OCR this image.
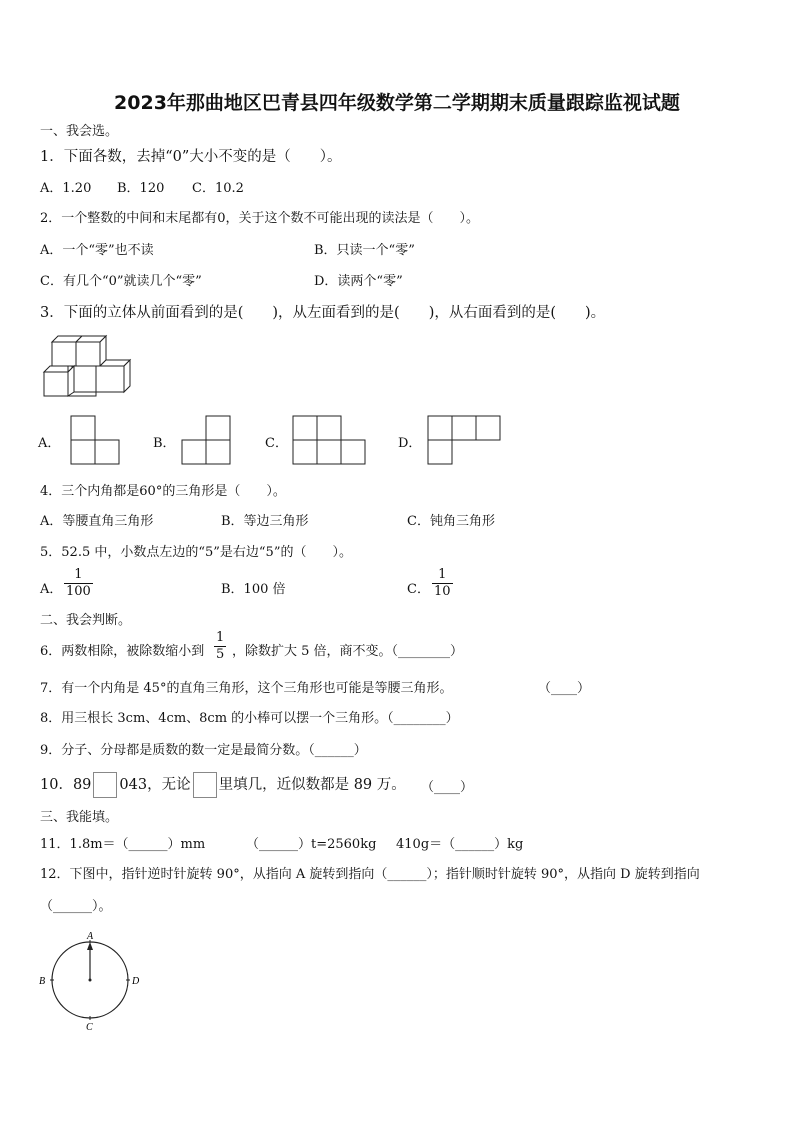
2023年那曲地区巴青县四年级数学第二学期期末质量跟踪监视试题
一、我会选。
1．下面各数，去掉“0”大小不变的是（　　）。
A．1.20 B．120 C．10.2
2．一个整数的中间和末尾都有0，关于这个数不可能出现的读法是（　　）。
A．一个“零”也不读	B．只读一个“零”
C．有几个“0”就读几个“零”	D．读两个“零”
3．下面的立体从前面看到的是(　　)，从左面看到的是(　　)，从右面看到的是(　　)。
A．	B．	C．	D．
4．三个内角都是60°的三角形是（　　）。
A．等腰直角三角形	B．等边三角形	C．钝角三角形
5．52.5 中，小数点左边的“5”是右边“5”的（　　）。
A． $\frac{1}{100}$	B．100 倍	C． $\frac{1}{10}$
二、我会判断。
6．两数相除，被除数缩小到 $\frac{1}{5}$ ，除数扩大 5 倍，商不变。（________）
7．有一个内角是 45°的直角三角形，这个三角形也可能是等腰三角形。	（____）
8．用三根长 3cm、4cm、8cm 的小棒可以摆一个三角形。（________）
9．分子、分母都是质数的数一定是最简分数。（______）
10．89 043，无论 里填几，近似数都是 89 万。 （____）
三、我能填。
11．1.8m＝（______）mm	（______）t=2560kg 410g＝（______）kg
12．下图中，指针逆时针旋转 90°，从指向 A 旋转到指向（______）；指针顺时针旋转 90°，从指向 D 旋转到指向
（______）。
A
B
C
D
